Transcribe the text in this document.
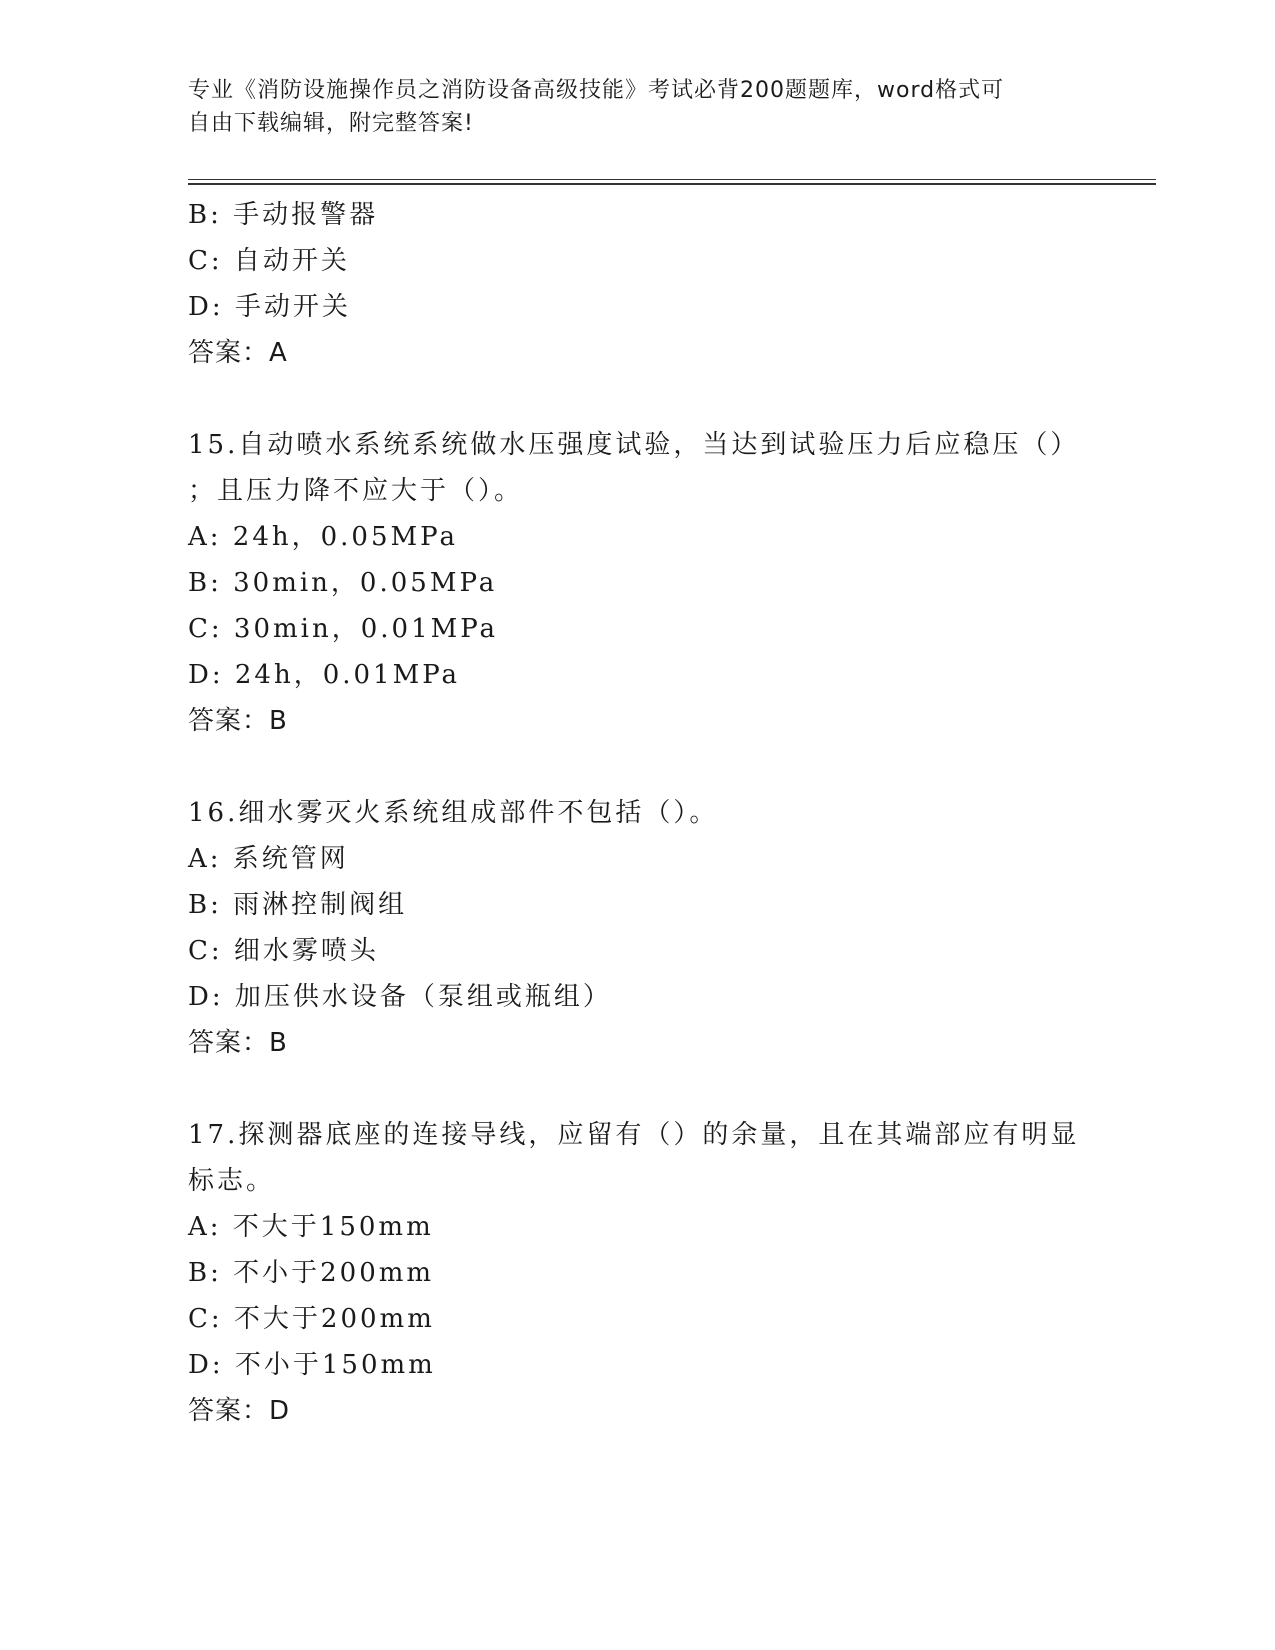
专业《消防设施操作员之消防设备高级技能》考试必背200题题库，word格式可
自由下载编辑，附完整答案!
B: 手动报警器
C: 自动开关
D: 手动开关
答案：A
15.自动喷水系统系统做水压强度试验，当达到试验压力后应稳压（）
；且压力降不应大于（）。
A: 24h，0.05MPa
B: 30min，0.05MPa
C: 30min，0.01MPa
D: 24h，0.01MPa
答案：B
16.细水雾灭火系统组成部件不包括（）。
A: 系统管网
B: 雨淋控制阀组
C: 细水雾喷头
D: 加压供水设备（泵组或瓶组）
答案：B
17.探测器底座的连接导线，应留有（）的余量，且在其端部应有明显
标志。
A: 不大于150mm
B: 不小于200mm
C: 不大于200mm
D: 不小于150mm
答案：D
